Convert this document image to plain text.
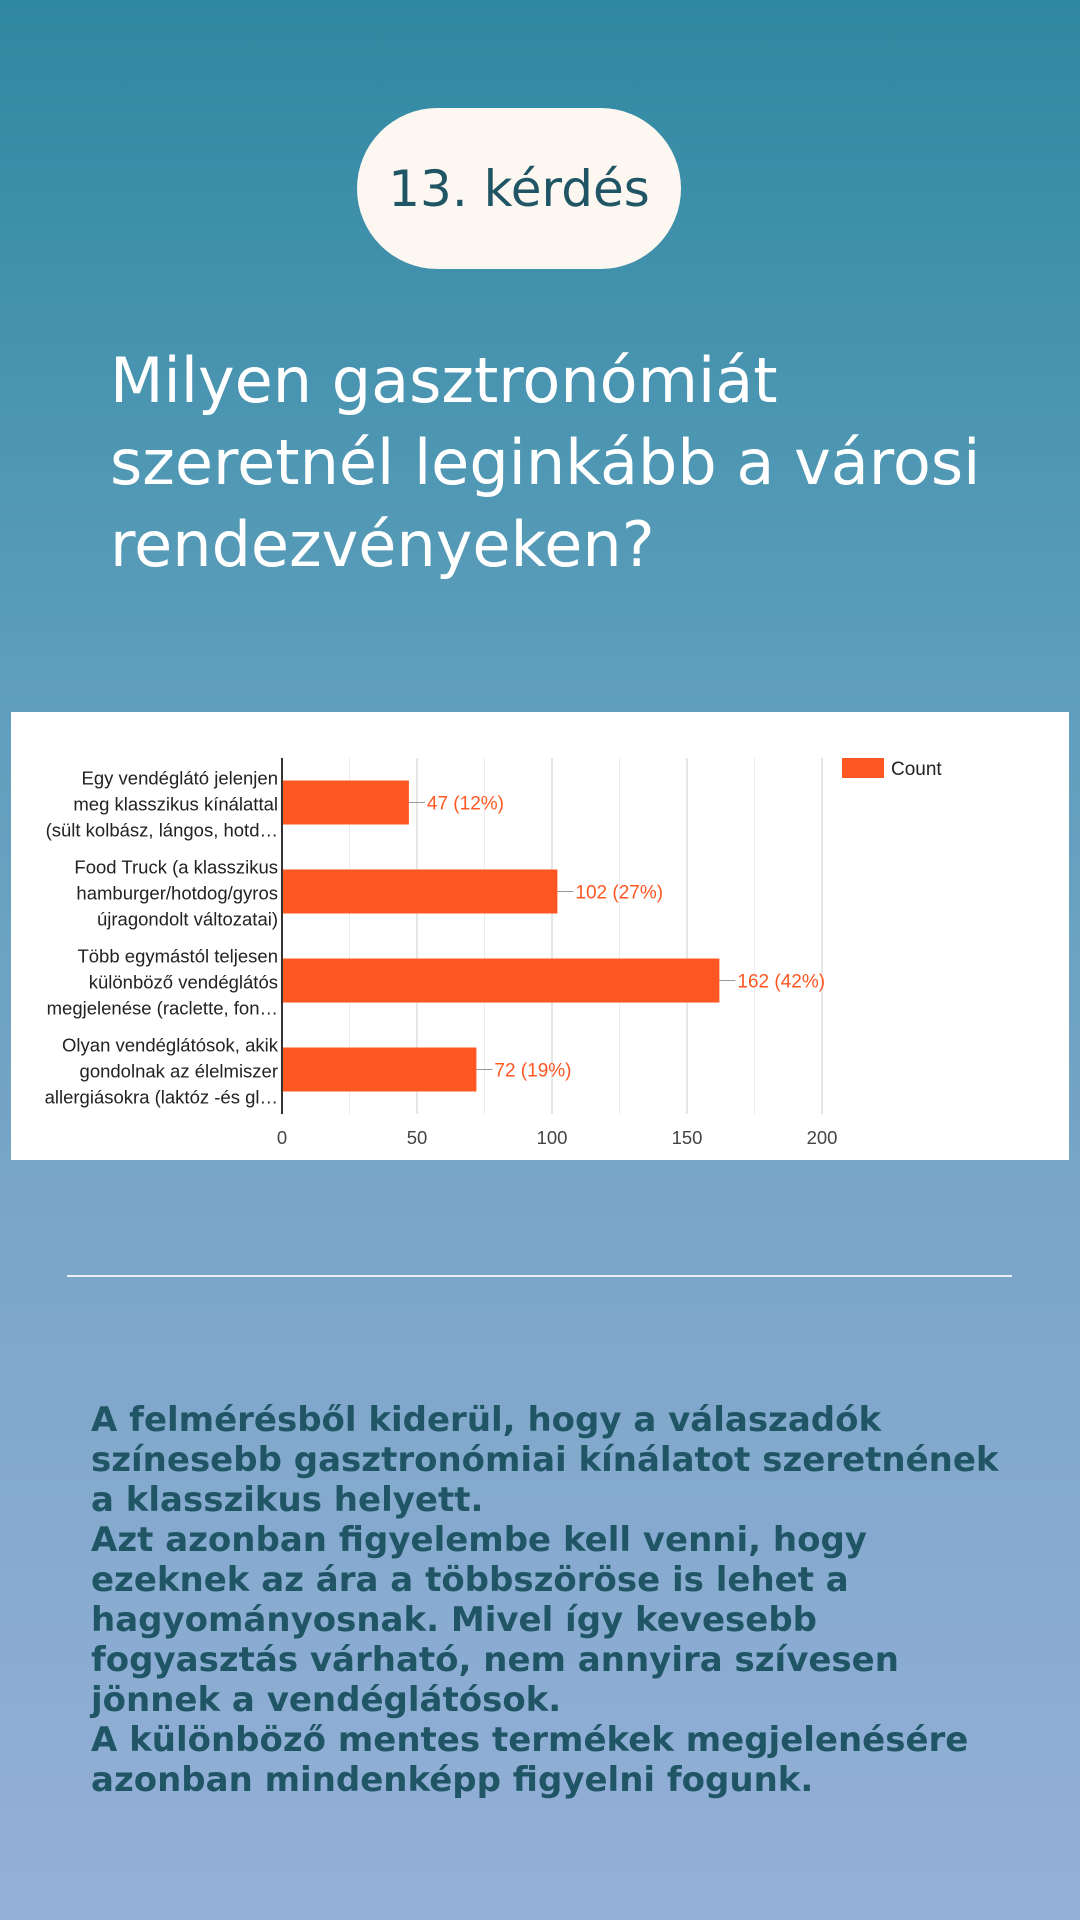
13. kérdés
Milyen gasztronómiát
szeretnél leginkább a városi
rendezvényeken?
47 (12%)
Egy vendéglátó jelenjen
meg klasszikus kínálattal
(sült kolbász, lángos, hotd…
102 (27%)
Food Truck (a klasszikus
hamburger/hotdog/gyros
újragondolt változatai)
162 (42%)
Több egymástól teljesen
különböző vendéglátós
megjelenése (raclette, fon…
72 (19%)
Olyan vendéglátósok, akik
gondolnak az élelmiszer
allergiásokra (laktóz -és gl…
0	50	100	150	200
Count

A felmérésből kiderül, hogy a válaszadók színesebb gasztronómiai kínálatot szeretnének a klasszikus helyett.

Azt azonban figyelembe kell venni, hogy ezeknek az ára a többszöröse is lehet a hagyományosnak. Mivel így kevesebb fogyasztás várható, nem annyira szívesen jönnek a vendéglátósok.

A különböző mentes termékek megjelenésére azonban mindenképp figyelni fogunk.
